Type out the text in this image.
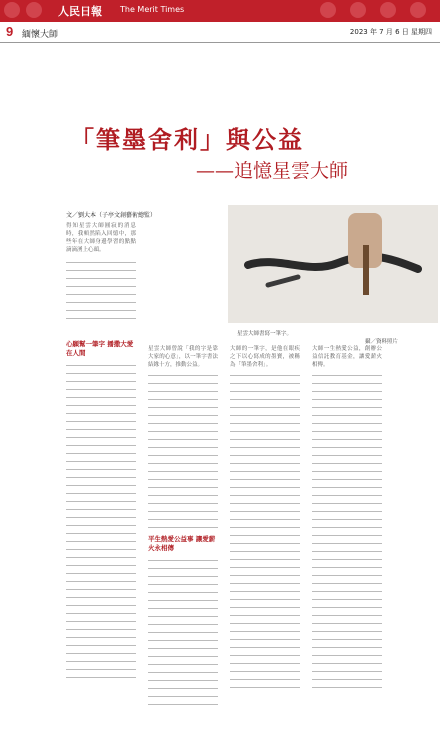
人民日報 The Merit Times
9 緬懷大師	2023 年 7 月 6 日 星期四
「筆墨舍利」與公益
——追憶星雲大師
文／劉大本（子亭文創藝術總監）
星雲大師書寫一筆字。
攝／資料照片
得知星雲大師圓寂的消息時，我頓然陷入回憶中，那些年在大師身邊學習的點點滴滴湧上心頭。
心願幫一筆字 播撒大愛在人間	星雲大師曾說「我的字是靠大家的心意」，以一筆字書法結緣十方，推動公益。
平生熱愛公益事 讓愛薪火永相傳
大師的一筆字，是他在眼疾之下以心寫成的墨寶，被稱為「筆墨舍利」。
大師一生熱愛公益，創辦公益信託教育基金，讓愛薪火相傳。
